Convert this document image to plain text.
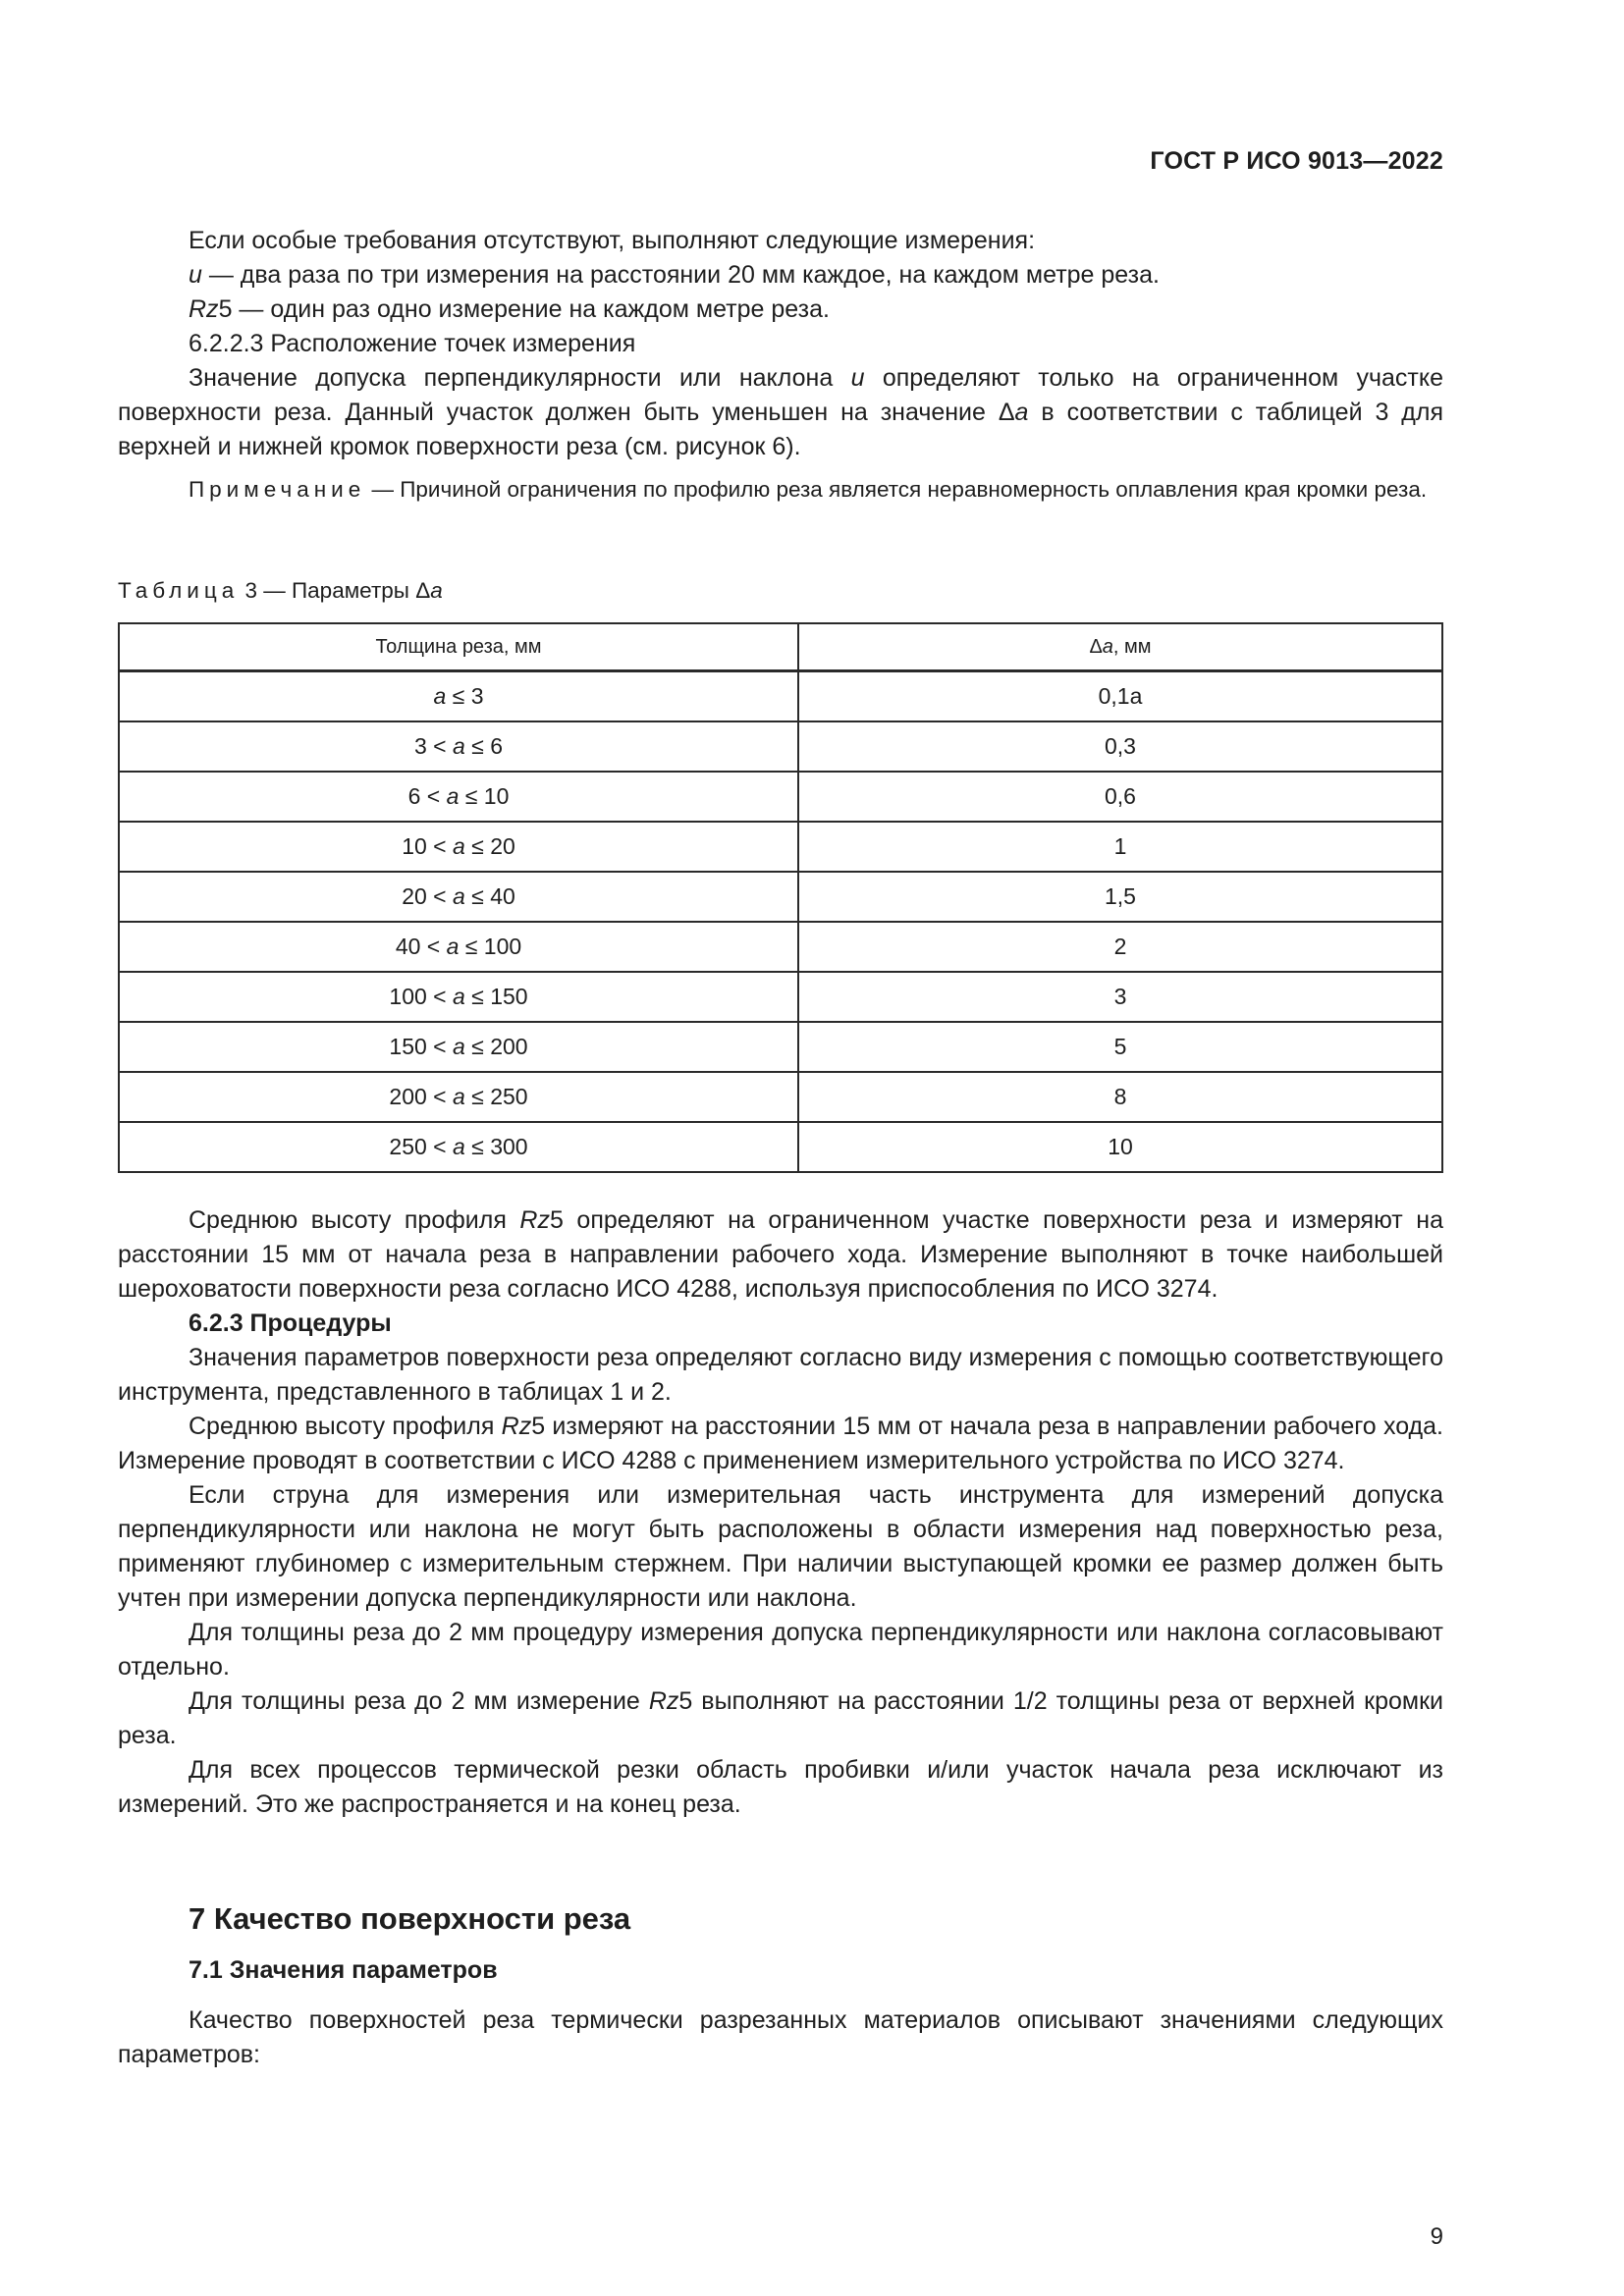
ГОСТ Р ИСО 9013—2022

Если особые требования отсутствуют, выполняют следующие измерения:

u — два раза по три измерения на расстоянии 20 мм каждое, на каждом метре реза.

Rz5 — один раз одно измерение на каждом метре реза.

6.2.2.3 Расположение точек измерения

Значение допуска перпендикулярности или наклона u определяют только на ограниченном участке поверхности реза. Данный участок должен быть уменьшен на значение Δa в соответствии с таблицей 3 для верхней и нижней кромок поверхности реза (см. рисунок 6).

Примечание — Причиной ограничения по профилю реза является неравномерность оплавления края кромки реза.

Таблица 3 — Параметры Δa
Толщина реза, мм	Δa, мм
a ≤ 3	0,1a
3 < a ≤ 6	0,3
6 < a ≤ 10	0,6
10 < a ≤ 20	1
20 < a ≤ 40	1,5
40 < a ≤ 100	2
100 < a ≤ 150	3
150 < a ≤ 200	5
200 < a ≤ 250	8
250 < a ≤ 300	10

Среднюю высоту профиля Rz5 определяют на ограниченном участке поверхности реза и измеряют на расстоянии 15 мм от начала реза в направлении рабочего хода. Измерение выполняют в точке наибольшей шероховатости поверхности реза согласно ИСО 4288, используя приспособления по ИСО 3274.

6.2.3 Процедуры

Значения параметров поверхности реза определяют согласно виду измерения с помощью соответствующего инструмента, представленного в таблицах 1 и 2.

Среднюю высоту профиля Rz5 измеряют на расстоянии 15 мм от начала реза в направлении рабочего хода. Измерение проводят в соответствии с ИСО 4288 с применением измерительного устройства по ИСО 3274.

Если струна для измерения или измерительная часть инструмента для измерений допуска перпендикулярности или наклона не могут быть расположены в области измерения над поверхностью реза, применяют глубиномер с измерительным стержнем. При наличии выступающей кромки ее размер должен быть учтен при измерении допуска перпендикулярности или наклона.

Для толщины реза до 2 мм процедуру измерения допуска перпендикулярности или наклона согласовывают отдельно.

Для толщины реза до 2 мм измерение Rz5 выполняют на расстоянии 1/2 толщины реза от верхней кромки реза.

Для всех процессов термической резки область пробивки и/или участок начала реза исключают из измерений. Это же распространяется и на конец реза.

7 Качество поверхности реза
7.1 Значения параметров

Качество поверхностей реза термически разрезанных материалов описывают значениями следующих параметров:

9
